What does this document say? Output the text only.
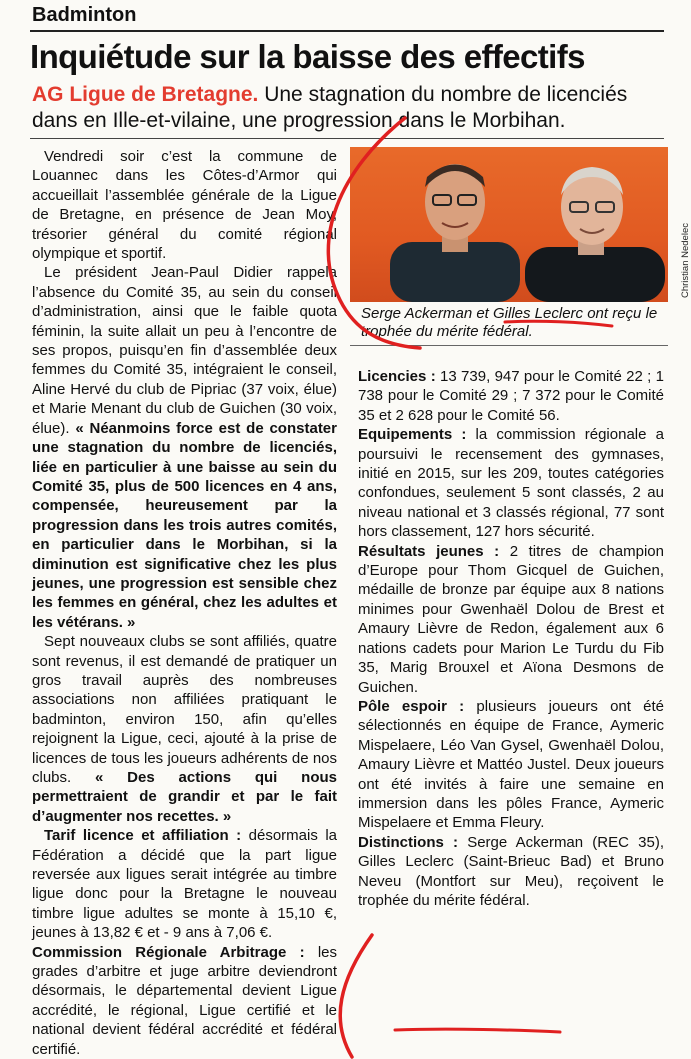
Badminton
Inquiétude sur la baisse des effectifs
AG Ligue de Bretagne. Une stagnation du nombre de licenciés dans en Ille-et-vilaine, une progression dans le Morbihan.
Christian Nedelec
Serge Ackerman et Gilles Leclerc ont reçu le trophée du mérite fédéral.

Vendredi soir c’est la commune de Louannec dans les Côtes-d’Armor qui accueillait l’assemblée générale de la Ligue de Bretagne, en présence de Jean Moy, trésorier général du comité régional olympique et sportif.

Le président Jean-Paul Didier rappela l’absence du Comité 35, au sein du conseil d’administration, ainsi que le faible quota féminin, la suite allait un peu à l’encontre de ses propos, puisqu’en fin d’assemblée deux femmes du Comité 35, intégraient le conseil, Aline Hervé du club de Pipriac (37 voix, élue) et Marie Menant du club de Guichen (30 voix, élue). « Néanmoins force est de constater une stagnation du nombre de licenciés, liée en particulier à une baisse au sein du Comité 35, plus de 500 licences en 4 ans, compensée, heureusement par la progression dans les trois autres comités, en particulier dans le Morbihan, si la diminution est significative chez les plus jeunes, une progression est sensible chez les femmes en général, chez les adultes et les vétérans. »

Sept nouveaux clubs se sont affiliés, quatre sont revenus, il est demandé de pratiquer un gros travail auprès des nombreuses associations non affiliées pratiquant le badminton, environ 150, afin qu’elles rejoignent la Ligue, ceci, ajouté à la prise de licences de tous les joueurs adhérents de nos clubs. « Des actions qui nous permettraient de grandir et par le fait d’augmenter nos recettes. »

Tarif licence et affiliation : désormais la Fédération a décidé que la part ligue reversée aux ligues serait intégrée au timbre ligue donc pour la Bretagne le nouveau timbre ligue adultes se monte à 15,10 €, jeunes à 13,82 € et - 9 ans à 7,06 €.

Commission Régionale Arbitrage : les grades d’arbitre et juge arbitre deviendront désormais, le départemental devient Ligue accrédité, le régional, Ligue certifié et le national devient fédéral accrédité et fédéral certifié.

Licencies : 13 739, 947 pour le Comité 22 ; 1 738 pour le Comité 29 ; 7 372 pour le Comité 35 et 2 628 pour le Comité 56.

Equipements : la commission régionale a poursuivi le recensement des gymnases, initié en 2015, sur les 209, toutes catégories confondues, seulement 5 sont classés, 2 au niveau national et 3 classés régional, 77 sont hors classement, 127 hors sécurité.

Résultats jeunes : 2 titres de champion d’Europe pour Thom Gicquel de Guichen, médaille de bronze par équipe aux 8 nations minimes pour Gwenhaël Dolou de Brest et Amaury Lièvre de Redon, également aux 6 nations cadets pour Marion Le Turdu du Fib 35, Marig Brouxel et Aïona Desmons de Guichen.

Pôle espoir : plusieurs joueurs ont été sélectionnés en équipe de France, Aymeric Mispelaere, Léo Van Gysel, Gwenhaël Dolou, Amaury Lièvre et Mattéo Justel. Deux joueurs ont été invités à faire une semaine en immersion dans les pôles France, Aymeric Mispelaere et Emma Fleury.

Distinctions : Serge Ackerman (REC 35), Gilles Leclerc (Saint-Brieuc Bad) et Bruno Neveu (Montfort sur Meu), reçoivent le trophée du mérite fédéral.
